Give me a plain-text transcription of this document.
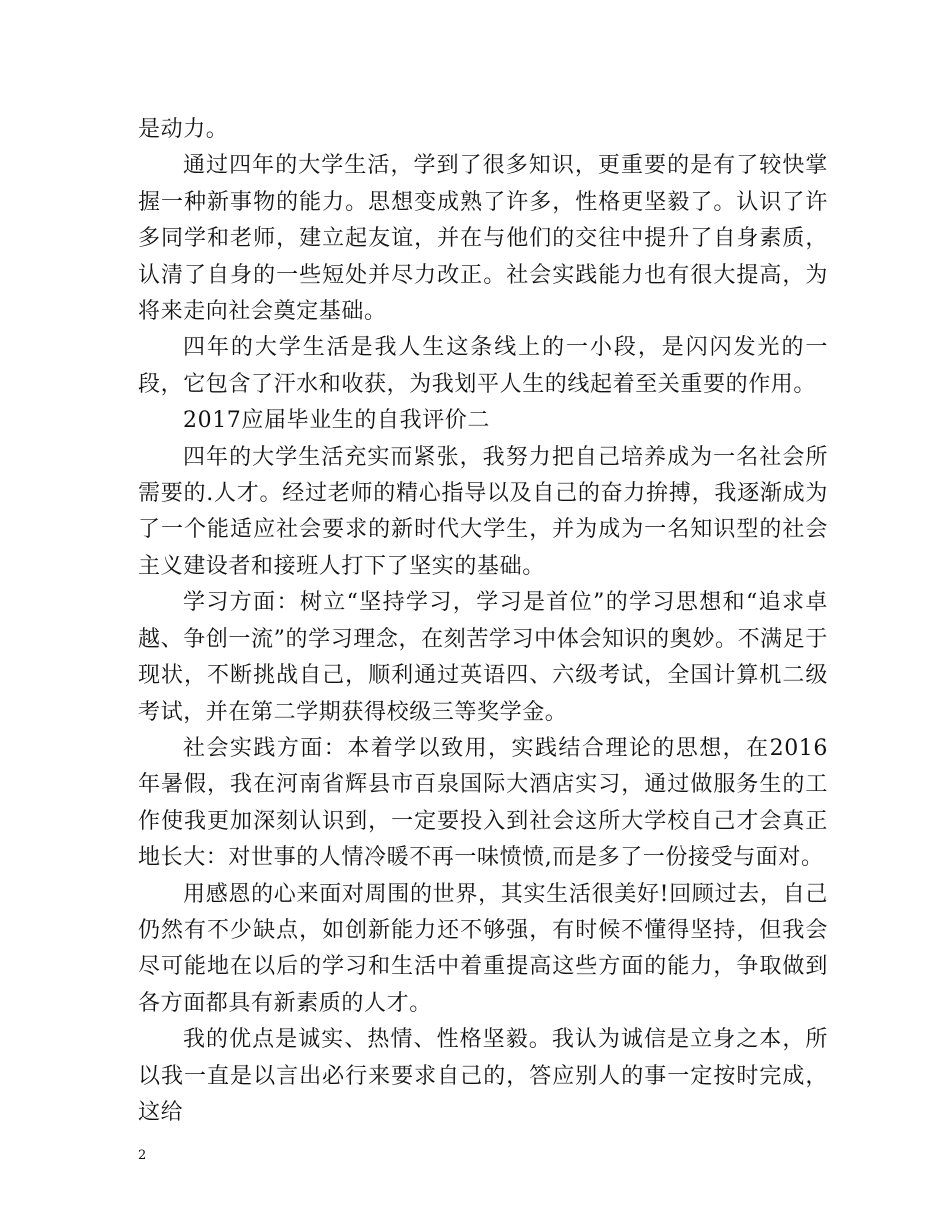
是动力。

通过四年的大学生活，学到了很多知识，更重要的是有了较快掌握一种新事物的能力。思想变成熟了许多，性格更坚毅了。认识了许多同学和老师，建立起友谊，并在与他们的交往中提升了自身素质，认清了自身的一些短处并尽力改正。社会实践能力也有很大提高，为将来走向社会奠定基础。

四年的大学生活是我人生这条线上的一小段，是闪闪发光的一段，它包含了汗水和收获，为我划平人生的线起着至关重要的作用。

2017应届毕业生的自我评价二

四年的大学生活充实而紧张，我努力把自己培养成为一名社会所需要的.人才。经过老师的精心指导以及自己的奋力拚搏，我逐渐成为了一个能适应社会要求的新时代大学生，并为成为一名知识型的社会主义建设者和接班人打下了坚实的基础。

学习方面：树立“坚持学习，学习是首位”的学习思想和“追求卓越、争创一流”的学习理念，在刻苦学习中体会知识的奥妙。不满足于现状，不断挑战自己，顺利通过英语四、六级考试，全国计算机二级考试，并在第二学期获得校级三等奖学金。

社会实践方面：本着学以致用，实践结合理论的思想，在2016年暑假，我在河南省辉县市百泉国际大酒店实习，通过做服务生的工作使我更加深刻认识到，一定要投入到社会这所大学校自己才会真正地长大：对世事的人情冷暖不再一味愤愤,而是多了一份接受与面对。

用感恩的心来面对周围的世界，其实生活很美好!回顾过去，自己仍然有不少缺点，如创新能力还不够强，有时候不懂得坚持，但我会尽可能地在以后的学习和生活中着重提高这些方面的能力，争取做到各方面都具有新素质的人才。

我的优点是诚实、热情、性格坚毅。我认为诚信是立身之本，所以我一直是以言出必行来要求自己的，答应别人的事一定按时完成，这给

2
